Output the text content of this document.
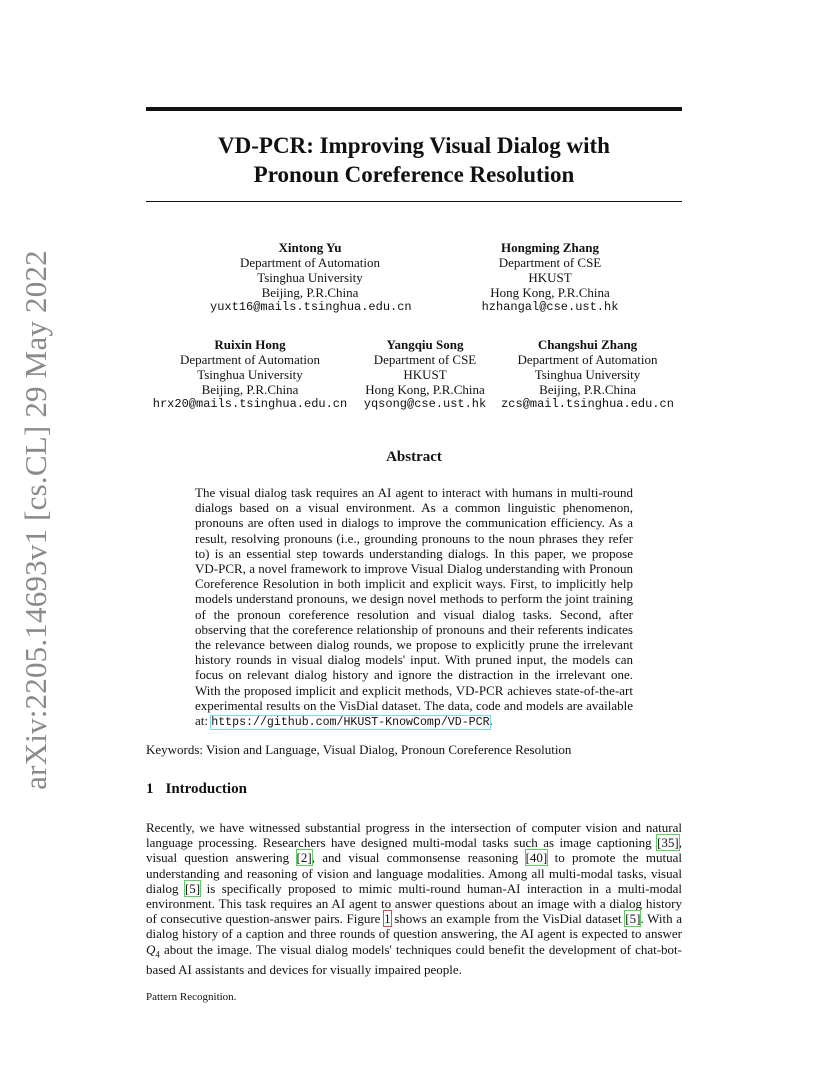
arXiv:2205.14693v1 [cs.CL] 29 May 2022
VD-PCR: Improving Visual Dialog with
Pronoun Coreference Resolution
Xintong Yu
Department of Automation
Tsinghua University
Beijing, P.R.China
yuxt16@mails.tsinghua.edu.cn
Hongming Zhang
Department of CSE
HKUST
Hong Kong, P.R.China
hzhangal@cse.ust.hk
Ruixin Hong
Department of Automation
Tsinghua University
Beijing, P.R.China
hrx20@mails.tsinghua.edu.cn
Yangqiu Song
Department of CSE
HKUST
Hong Kong, P.R.China
yqsong@cse.ust.hk
Changshui Zhang
Department of Automation
Tsinghua University
Beijing, P.R.China
zcs@mail.tsinghua.edu.cn
Abstract
The visual dialog task requires an AI agent to interact with humans in multi-round dialogs based on a visual environment. As a common linguistic phenomenon, pronouns are often used in dialogs to improve the communication efficiency. As a result, resolving pronouns (i.e., grounding pronouns to the noun phrases they refer to) is an essential step towards understanding dialogs. In this paper, we propose VD-PCR, a novel framework to improve Visual Dialog understanding with Pronoun Coreference Resolution in both implicit and explicit ways. First, to implicitly help models understand pronouns, we design novel methods to perform the joint training of the pronoun coreference resolution and visual dialog tasks. Second, after observing that the coreference relationship of pronouns and their referents indicates the relevance between dialog rounds, we propose to explicitly prune the irrelevant history rounds in visual dialog models' input. With pruned input, the models can focus on relevant dialog history and ignore the distraction in the irrelevant one. With the proposed implicit and explicit methods, VD-PCR achieves state-of-the-art experimental results on the VisDial dataset. The data, code and models are available at: https://github.com/HKUST-KnowComp/VD-PCR.
Keywords: Vision and Language, Visual Dialog, Pronoun Coreference Resolution
1 Introduction
Recently, we have witnessed substantial progress in the intersection of computer vision and natural language processing. Researchers have designed multi-modal tasks such as image captioning [35], visual question answering [2], and visual commonsense reasoning [40] to promote the mutual understanding and reasoning of vision and language modalities. Among all multi-modal tasks, visual dialog [5] is specifically proposed to mimic multi-round human-AI interaction in a multi-modal environment. This task requires an AI agent to answer questions about an image with a dialog history of consecutive question-answer pairs. Figure 1 shows an example from the VisDial dataset [5]. With a dialog history of a caption and three rounds of question answering, the AI agent is expected to answer $Q_4$ about the image. The visual dialog models' techniques could benefit the development of chat-bot-based AI assistants and devices for visually impaired people.
Pattern Recognition.
